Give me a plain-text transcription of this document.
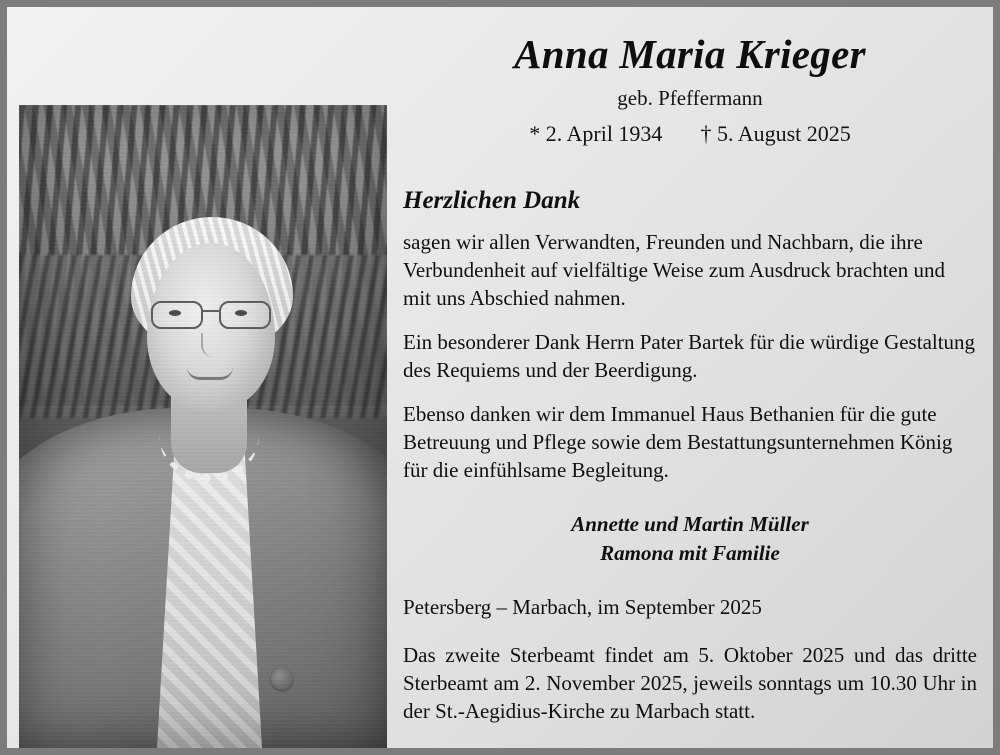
Anna Maria Krieger
geb. Pfeffermann
* 2. April 1934 † 5. August 2025
Herzlichen Dank
sagen wir allen Verwandten, Freunden und Nachbarn, die ihre Verbundenheit auf vielfältige Weise zum Ausdruck brachten und mit uns Abschied nahmen.
Ein besonderer Dank Herrn Pater Bartek für die würdige Gestaltung des Requiems und der Beerdigung.
Ebenso danken wir dem Immanuel Haus Bethanien für die gute Betreuung und Pflege sowie dem Bestattungsunternehmen König für die einfühlsame Begleitung.
Annette und Martin Müller
Ramona mit Familie
Petersberg – Marbach, im September 2025
Das zweite Sterbeamt findet am 5. Oktober 2025 und das dritte Sterbeamt am 2. November 2025, jeweils sonntags um 10.30 Uhr in der St.-Aegidius-Kirche zu Marbach statt.
